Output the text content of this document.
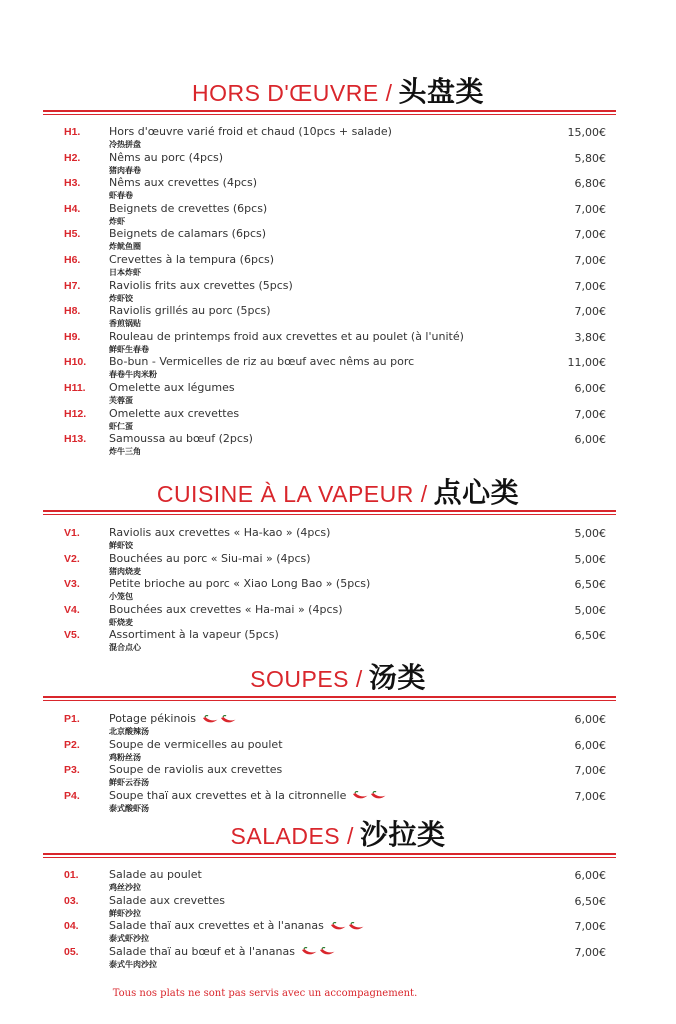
HORS D'ŒUVRE / 头盘类
H1.	Hors d'œuvre varié froid et chaud (10pcs + salade)
冷热拼盘
15,00€
H2.	Nêms au porc (4pcs)
猪肉春卷
5,80€
H3.	Nêms aux crevettes (4pcs)
虾春卷
6,80€
H4.	Beignets de crevettes (6pcs)
炸虾
7,00€
H5.	Beignets de calamars (6pcs)
炸鱿鱼圈
7,00€
H6.	Crevettes à la tempura (6pcs)
日本炸虾
7,00€
H7.	Raviolis frits aux crevettes (5pcs)
炸虾饺
7,00€
H8.	Raviolis grillés au porc (5pcs)
香煎锅贴
7,00€
H9.	Rouleau de printemps froid aux crevettes et au poulet (à l'unité)
鲜虾生春卷
3,80€
H10. Bo-bun - Vermicelles de riz au bœuf avec nêms au porc
春卷牛肉米粉
11,00€
H11. Omelette aux légumes
芙蓉蛋
6,00€
H12. Omelette aux crevettes
虾仁蛋
7,00€
H13. Samoussa au bœuf (2pcs)
炸牛三角
6,00€
CUISINE À LA VAPEUR / 点心类
V1.	Raviolis aux crevettes « Ha-kao » (4pcs)
鲜虾饺
5,00€
V2.	Bouchées au porc « Siu-mai » (4pcs)
猪肉烧麦
5,00€
V3.	Petite brioche au porc « Xiao Long Bao » (5pcs)
小笼包
6,50€
V4.	Bouchées aux crevettes « Ha-mai » (4pcs)
虾烧麦
5,00€
V5.	Assortiment à la vapeur (5pcs)
混合点心
6,50€
SOUPES / 汤类
P1.	Potage pékinois
北京酸辣汤
6,00€
P2.	Soupe de vermicelles au poulet
鸡粉丝汤
6,00€
P3.	Soupe de raviolis aux crevettes
鲜虾云吞汤
7,00€
P4.	Soupe thaï aux crevettes et à la citronnelle
泰式酸虾汤
7,00€
SALADES / 沙拉类
01.	Salade au poulet
鸡丝沙拉
6,00€
03.	Salade aux crevettes
鲜虾沙拉
6,50€
04.	Salade thaï aux crevettes et à l'ananas
泰式虾沙拉
7,00€
05.	Salade thaï au bœuf et à l'ananas
泰式牛肉沙拉
7,00€
Tous nos plats ne sont pas servis avec un accompagnement.
